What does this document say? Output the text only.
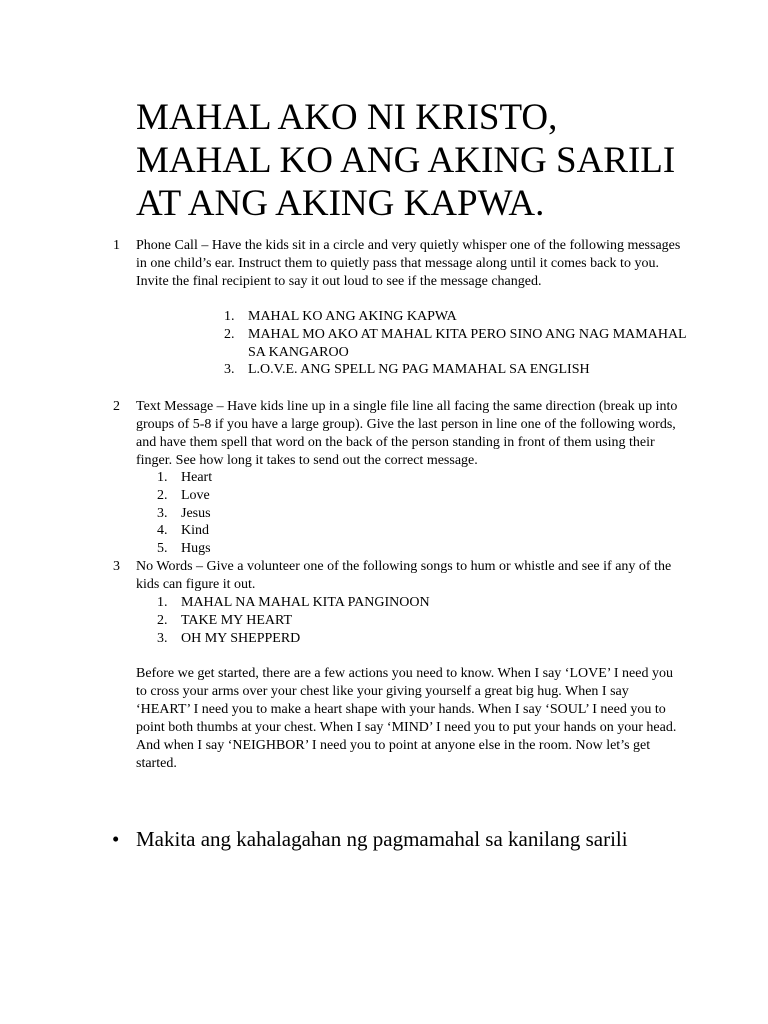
MAHAL AKO NI KRISTO, MAHAL KO ANG AKING SARILI AT ANG AKING KAPWA.
1 Phone Call – Have the kids sit in a circle and very quietly whisper one of the following messages in one child’s ear. Instruct them to quietly pass that message along until it comes back to you. Invite the final recipient to say it out loud to see if the message changed.

1. MAHAL KO ANG AKING KAPWA
2. MAHAL MO AKO AT MAHAL KITA PERO SINO ANG NAG MAMAHAL SA KANGAROO
3. L.O.V.E. ANG SPELL NG PAG MAMAHAL SA ENGLISH
2 Text Message – Have kids line up in a single file line all facing the same direction (break up into groups of 5-8 if you have a large group). Give the last person in line one of the following words, and have them spell that word on the back of the person standing in front of them using their finger. See how long it takes to send out the correct message.

1. Heart
2. Love
3. Jesus
4. Kind
5. Hugs
3 No Words – Give a volunteer one of the following songs to hum or whistle and see if any of the kids can figure it out.

1. MAHAL NA MAHAL KITA PANGINOON
2. TAKE MY HEART
3. OH MY SHEPPERD

Before we get started, there are a few actions you need to know. When I say ‘LOVE’ I need you to cross your arms over your chest like your giving yourself a great big hug. When I say ‘HEART’ I need you to make a heart shape with your hands. When I say ‘SOUL’ I need you to point both thumbs at your chest. When I say ‘MIND’ I need you to put your hands on your head. And when I say ‘NEIGHBOR’ I need you to point at anyone else in the room. Now let’s get started.

• Makita ang kahalagahan ng pagmamahal sa kanilang sarili
